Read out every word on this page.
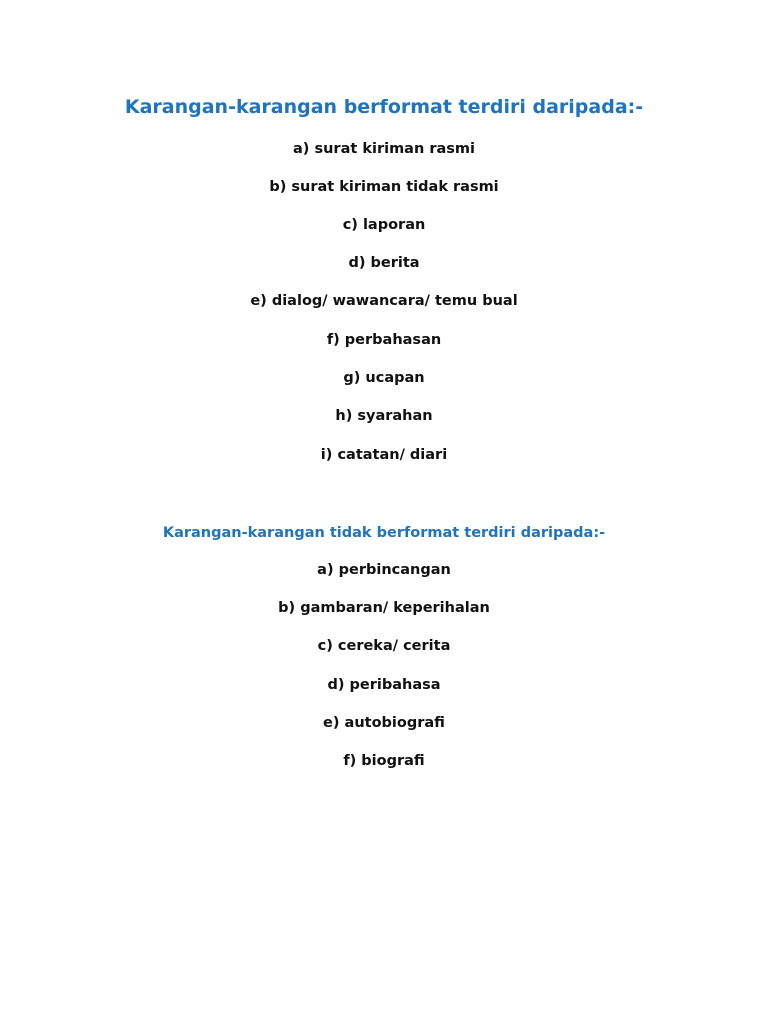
Karangan-karangan berformat terdiri daripada:-
a) surat kiriman rasmi
b) surat kiriman tidak rasmi
c) laporan
d) berita
e) dialog/ wawancara/ temu bual
f) perbahasan
g) ucapan
h) syarahan
i) catatan/ diari
Karangan-karangan tidak berformat terdiri daripada:-
a) perbincangan
b) gambaran/ keperihalan
c) cereka/ cerita
d) peribahasa
e) autobiografi
f) biografi
